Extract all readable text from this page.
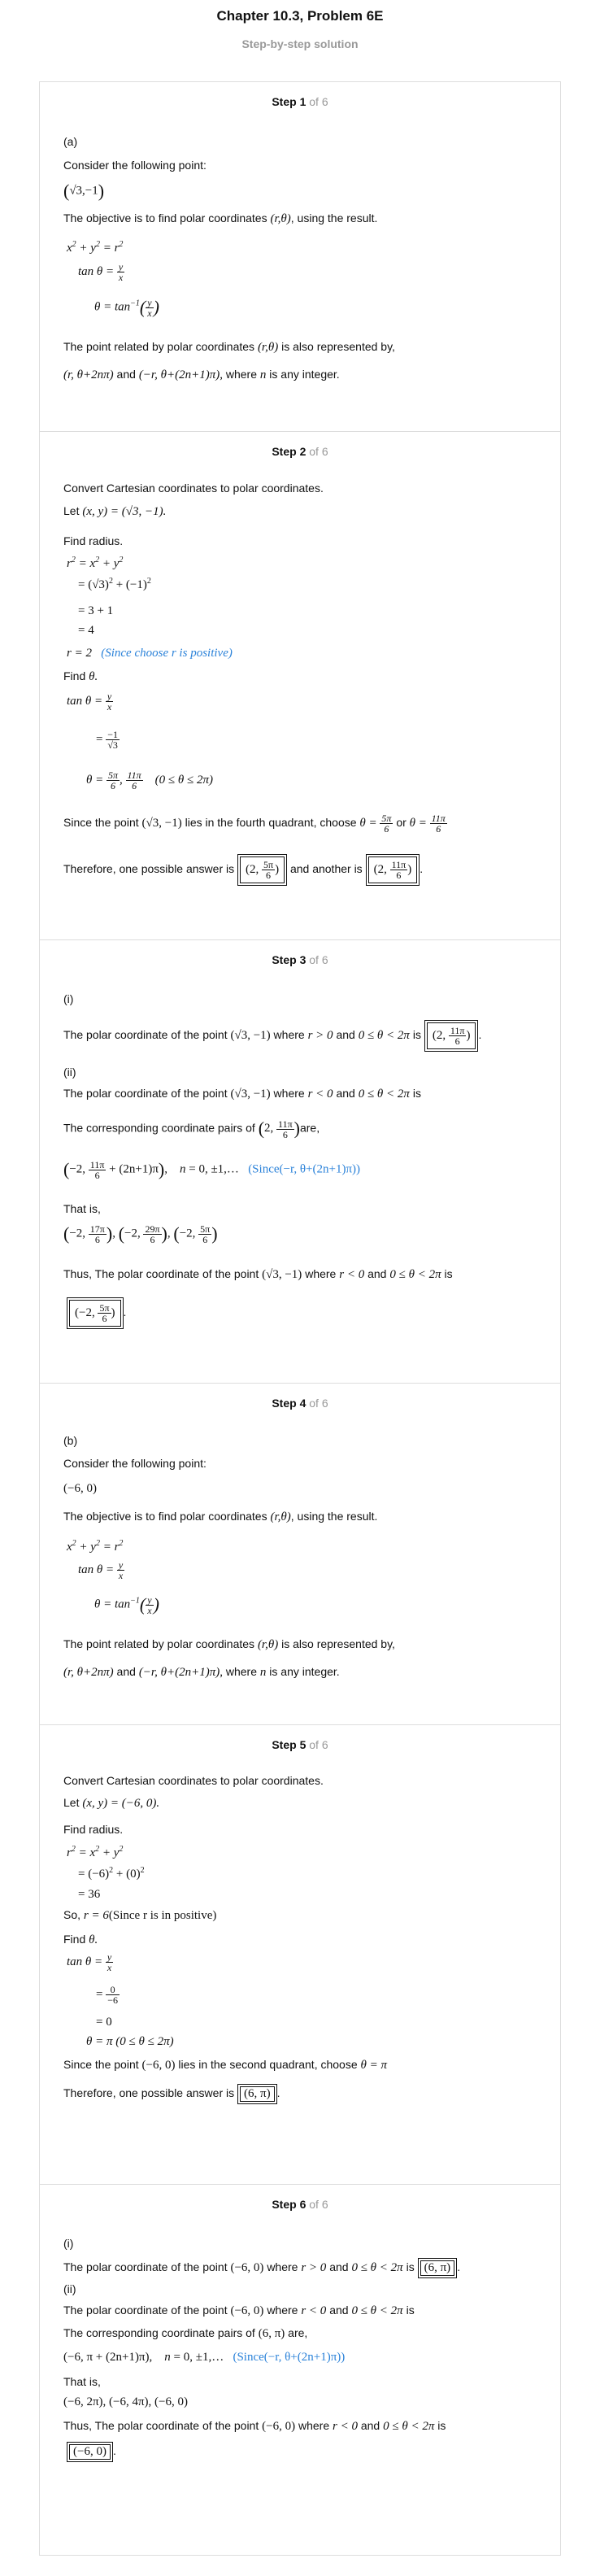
Chapter 10.3, Problem 6E
Step-by-step solution
Step 1 of 6
(a)
Consider the following point:
(√3,−1)
The objective is to find polar coordinates (r,θ), using the result.
$x^2 + y^2 = r^2$
$\tan \theta = \frac{y}{x}$
$\theta = \tan^{-1}( \frac{y}{x}$ )
The point related by polar coordinates (r,θ) is also represented by,
(r, θ+2nπ) and (−r, θ+(2n+1)π), where n is any integer.
Step 2 of 6
Convert Cartesian coordinates to polar coordinates.
Let (x, y) = (√3, −1).
Find radius.
$r^2 = x^2 + y^2$
= $(√3)^2 + (-1)^2$
= 3 + 1
= 4
r = 2   (Since choose r is positive)
Find θ.
$\tan \theta = \frac{y}{x}$
= $\frac{-1}{√3}$
$\theta = \frac{5\pi}{6}$ , $\frac{11\pi}{6} (0 \le \theta \le 2\pi)$
Since the point (√3, −1) lies in the fourth quadrant, choose $\theta = \frac{5\pi}{6}$ or $\theta = \frac{11\pi}{6}$
Therefore, one possible answer is (2, $\frac{5\pi}{6}$ ) and another is (2, $\frac{11\pi}{6}$ ) .
Step 3 of 6
(i)
The polar coordinate of the point (√3, −1) where r > 0 and 0 ≤ θ < 2π is (2, $\frac{11\pi}{6}$ ) .
(ii)
The polar coordinate of the point (√3, −1) where r < 0 and 0 ≤ θ < 2π is
The corresponding coordinate pairs of (2, $\frac{11\pi}{6} )are$,
(−2, $\frac{11\pi}{6} + (2n+1)\pi$),    n = 0, ±1,…   (Since(−r, θ+(2n+1)π))
That is,
(−2, $\frac{17\pi}{6}$ ), (−2, $\frac{29\pi}{6}$ ), (−2, $\frac{5\pi}{6}$ )
Thus, The polar coordinate of the point (√3, −1) where r < 0 and 0 ≤ θ < 2π is
(−2, $\frac{5\pi}{6}$ ) .
Step 4 of 6
(b)
Consider the following point:
(−6, 0)
The objective is to find polar coordinates (r,θ), using the result.
$x^2 + y^2 = r^2$
$\tan \theta = \frac{y}{x}$
$\theta = \tan^{-1}( \frac{y}{x}$ )
The point related by polar coordinates (r,θ) is also represented by,
(r, θ+2nπ) and (−r, θ+(2n+1)π), where n is any integer.
Step 5 of 6
Convert Cartesian coordinates to polar coordinates.
Let (x, y) = (−6, 0).
Find radius.
$r^2 = x^2 + y^2$
= $(-6)^2 + (0)^2$
= 36
So, r = 6(Since r is in positive)
Find θ.
$\tan \theta = \frac{y}{x}$
= $\frac{0}{-6}$
= 0
θ = π (0 ≤ θ ≤ 2π)
Since the point (−6, 0) lies in the second quadrant, choose θ = π
Therefore, one possible answer is (6, π) .
Step 6 of 6
(i)
The polar coordinate of the point (−6, 0) where r > 0 and 0 ≤ θ < 2π is (6, π) .
(ii)
The polar coordinate of the point (−6, 0) where r < 0 and 0 ≤ θ < 2π is
The corresponding coordinate pairs of (6, π) are,
(−6, π + (2n+1)π),    n = 0, ±1,…   (Since(−r, θ+(2n+1)π))
That is,
(−6, 2π), (−6, 4π), (−6, 0)
Thus, The polar coordinate of the point (−6, 0) where r < 0 and 0 ≤ θ < 2π is
(−6, 0) .
